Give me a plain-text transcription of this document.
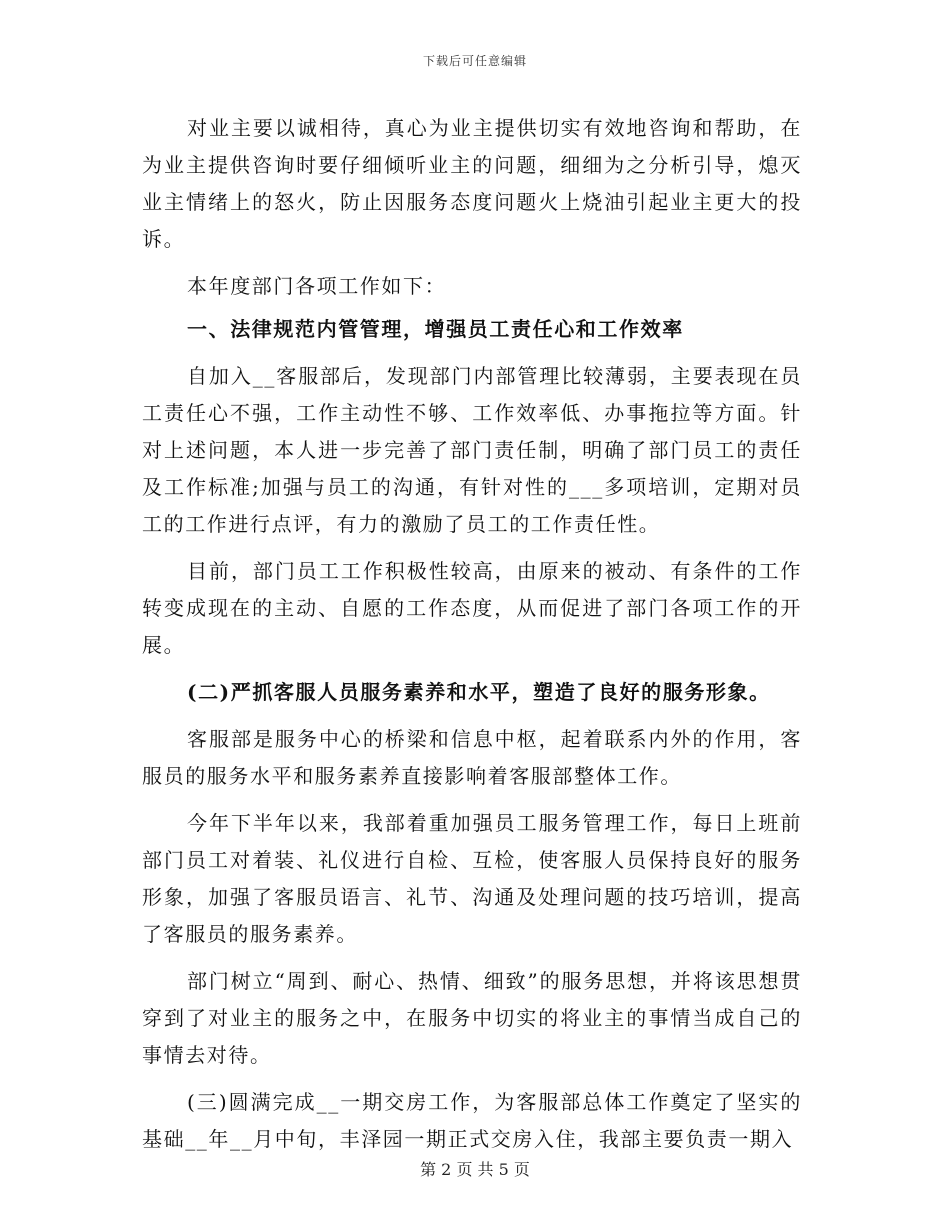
下载后可任意编辑

对业主要以诚相待，真心为业主提供切实有效地咨询和帮助，在为业主提供咨询时要仔细倾听业主的问题，细细为之分析引导，熄灭业主情绪上的怒火，防止因服务态度问题火上烧油引起业主更大的投诉。

本年度部门各项工作如下：

一、法律规范内管管理，增强员工责任心和工作效率

自加入__客服部后，发现部门内部管理比较薄弱，主要表现在员工责任心不强，工作主动性不够、工作效率低、办事拖拉等方面。针对上述问题，本人进一步完善了部门责任制，明确了部门员工的责任及工作标准;加强与员工的沟通，有针对性的___多项培训，定期对员工的工作进行点评，有力的激励了员工的工作责任性。

目前，部门员工工作积极性较高，由原来的被动、有条件的工作转变成现在的主动、自愿的工作态度，从而促进了部门各项工作的开展。

(二)严抓客服人员服务素养和水平，塑造了良好的服务形象。

客服部是服务中心的桥梁和信息中枢，起着联系内外的作用，客服员的服务水平和服务素养直接影响着客服部整体工作。

今年下半年以来，我部着重加强员工服务管理工作，每日上班前部门员工对着装、礼仪进行自检、互检，使客服人员保持良好的服务形象，加强了客服员语言、礼节、沟通及处理问题的技巧培训，提高了客服员的服务素养。

部门树立“周到、耐心、热情、细致”的服务思想，并将该思想贯穿到了对业主的服务之中，在服务中切实的将业主的事情当成自己的事情去对待。

(三)圆满完成__一期交房工作，为客服部总体工作奠定了坚实的基础__年__月中旬，丰泽园一期正式交房入住，我部主要负责一期入

第 2 页 共 5 页
